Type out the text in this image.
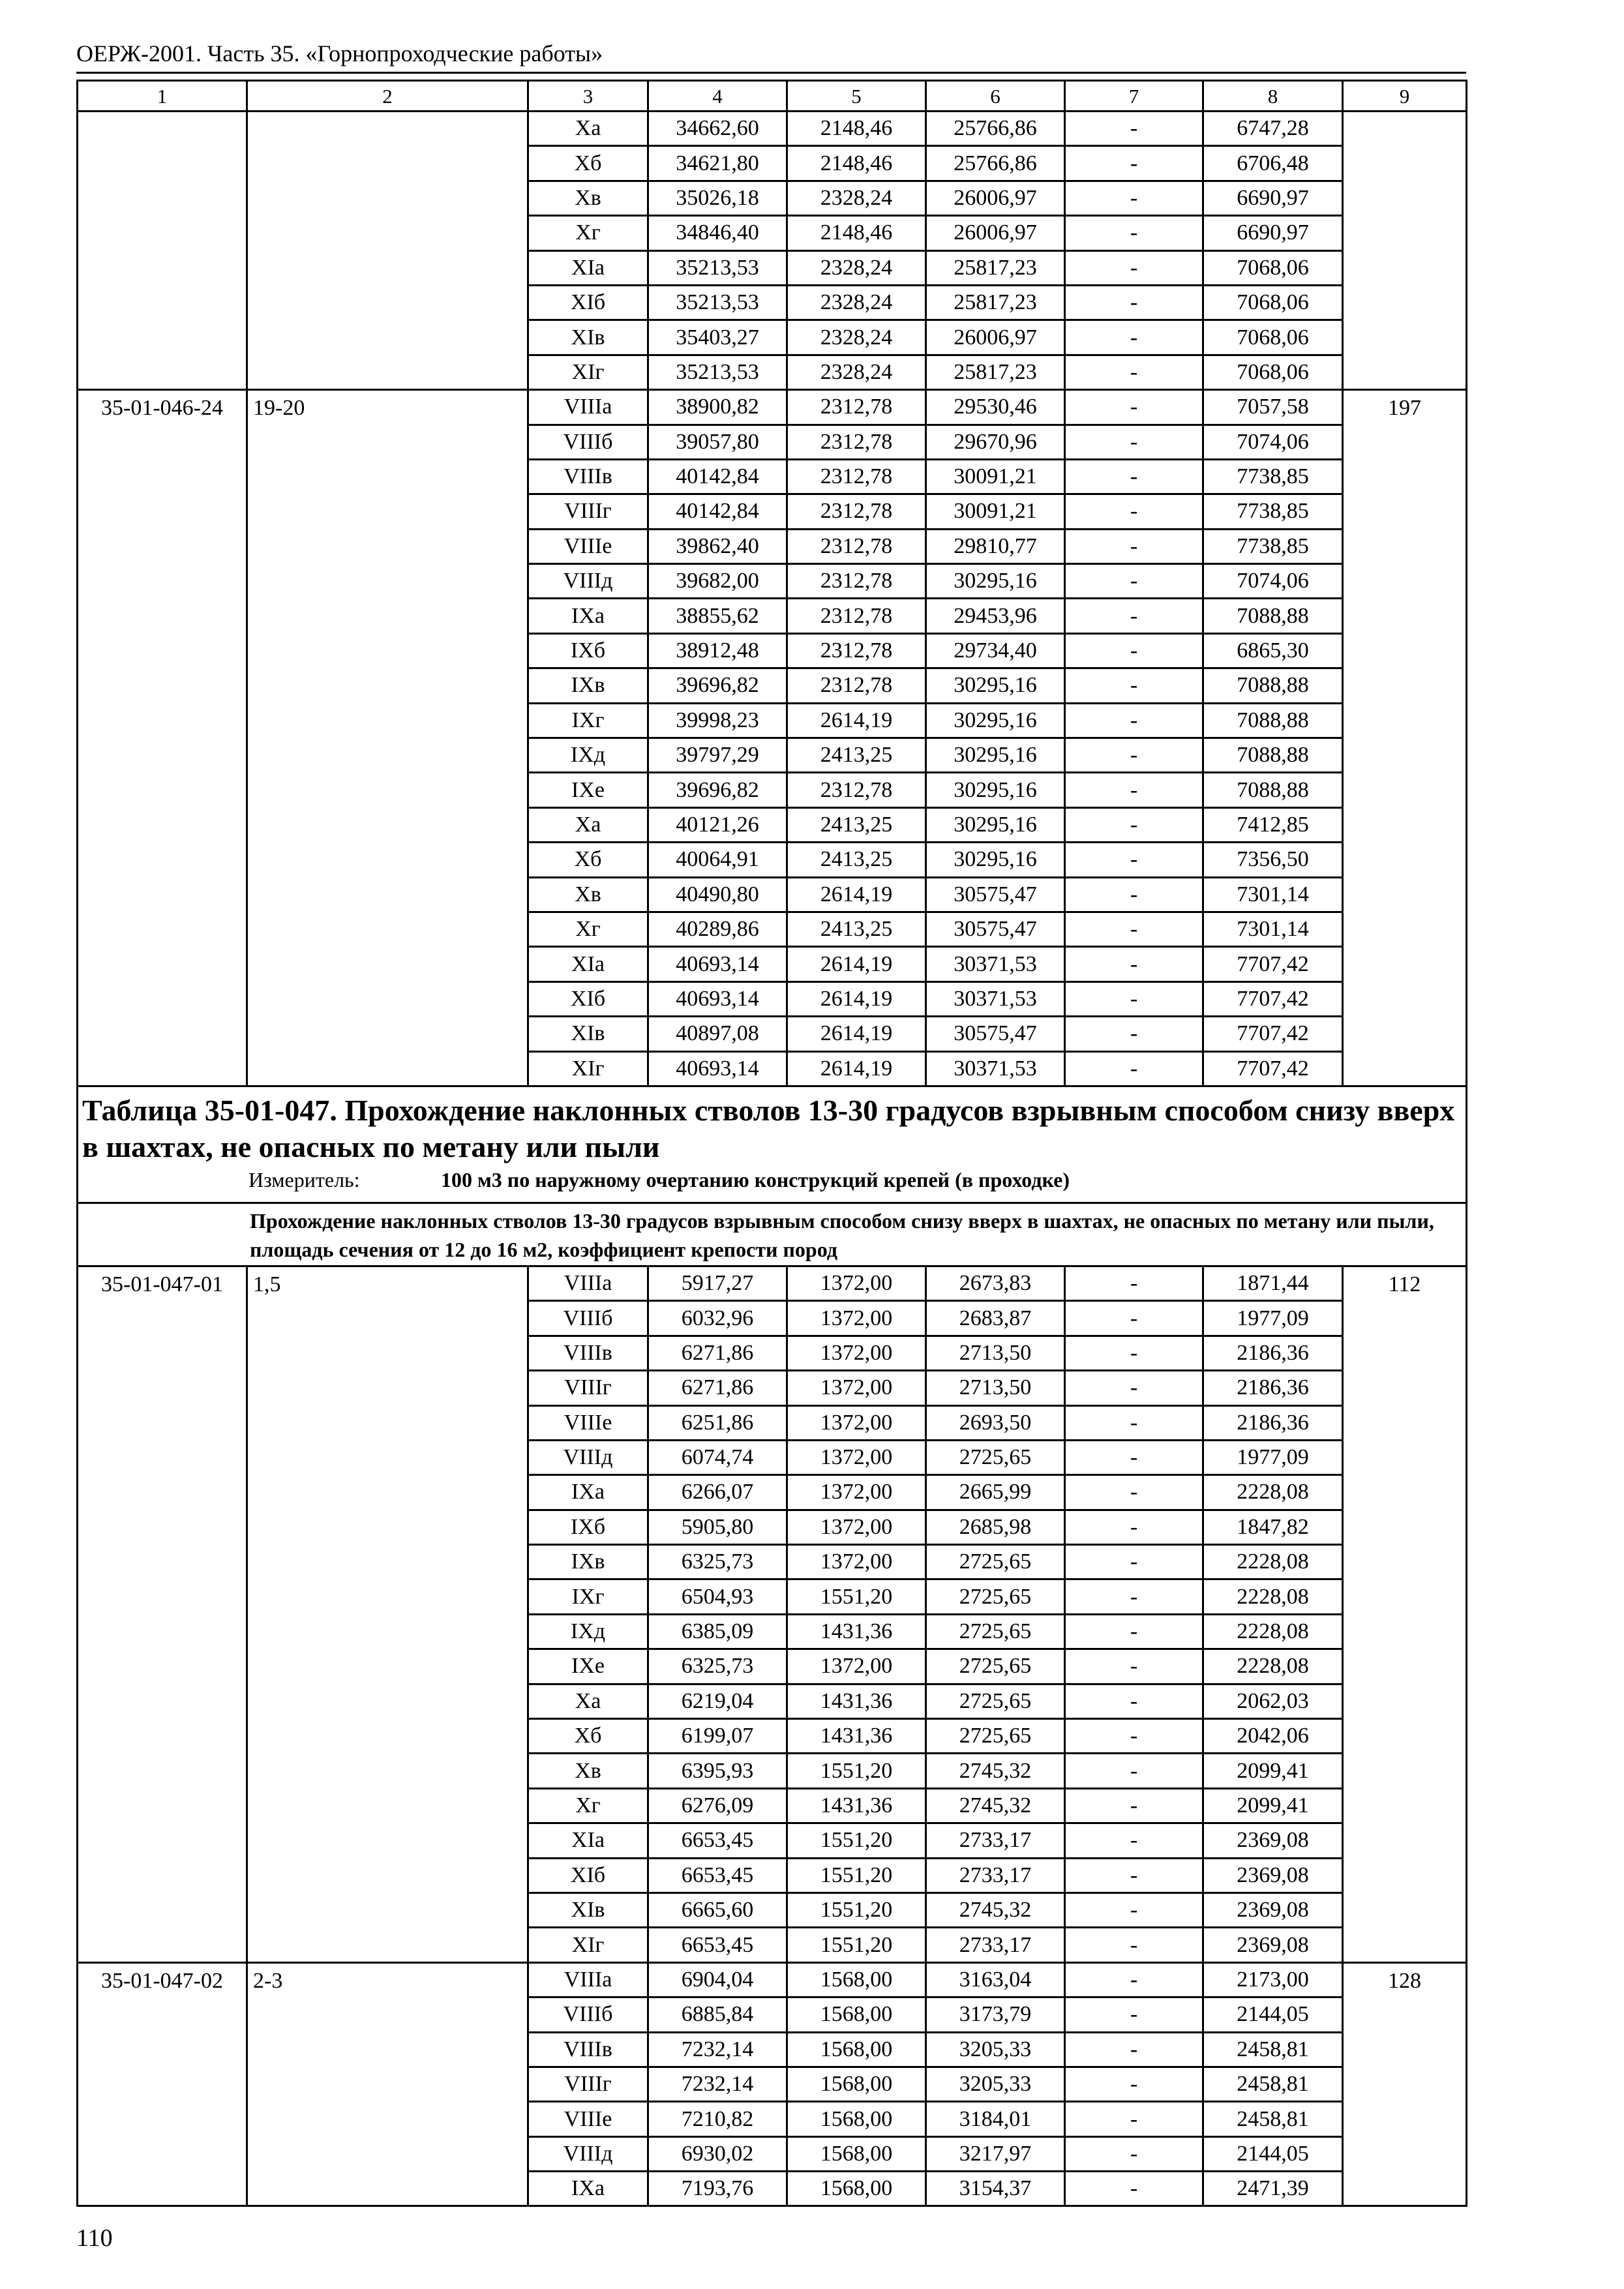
ОЕРЖ-2001. Часть 35. «Горнопроходческие работы»
1	2	3	4	5	6	7	8	9
		Xa	34662,60	2148,46	25766,86	-	6747,28	
		Xб	34621,80	2148,46	25766,86	-	6706,48	
		Xв	35026,18	2328,24	26006,97	-	6690,97	
		Xг	34846,40	2148,46	26006,97	-	6690,97	
		XIa	35213,53	2328,24	25817,23	-	7068,06	
		XIб	35213,53	2328,24	25817,23	-	7068,06	
		XIв	35403,27	2328,24	26006,97	-	7068,06	
		XIг	35213,53	2328,24	25817,23	-	7068,06	
35-01-046-24	19-20	VIIIa	38900,82	2312,78	29530,46	-	7057,58	197
		VIIIб	39057,80	2312,78	29670,96	-	7074,06	
		VIIIв	40142,84	2312,78	30091,21	-	7738,85	
		VIIIг	40142,84	2312,78	30091,21	-	7738,85	
		VIIIe	39862,40	2312,78	29810,77	-	7738,85	
		VIIIд	39682,00	2312,78	30295,16	-	7074,06	
		IXa	38855,62	2312,78	29453,96	-	7088,88	
		IXб	38912,48	2312,78	29734,40	-	6865,30	
		IXв	39696,82	2312,78	30295,16	-	7088,88	
		IXг	39998,23	2614,19	30295,16	-	7088,88	
		IXд	39797,29	2413,25	30295,16	-	7088,88	
		IXe	39696,82	2312,78	30295,16	-	7088,88	
		Xa	40121,26	2413,25	30295,16	-	7412,85	
		Xб	40064,91	2413,25	30295,16	-	7356,50	
		Xв	40490,80	2614,19	30575,47	-	7301,14	
		Xг	40289,86	2413,25	30575,47	-	7301,14	
		XIa	40693,14	2614,19	30371,53	-	7707,42	
		XIб	40693,14	2614,19	30371,53	-	7707,42	
		XIв	40897,08	2614,19	30575,47	-	7707,42	
		XIг	40693,14	2614,19	30371,53	-	7707,42	

Таблица 35-01-047. Прохождение наклонных стволов 13-30 градусов взрывным способом снизу вверх в шахтах, не опасных по метану или пыли
Измеритель: 100 м3 по наружному очертанию конструкций крепей (в проходке)								

Прохождение наклонных стволов 13-30 градусов взрывным способом снизу вверх в шахтах, не опасных по метану или пыли, площадь сечения от 12 до 16 м2, коэффициент крепости пород								
35-01-047-01	1,5	VIIIa	5917,27	1372,00	2673,83	-	1871,44	112
		VIIIб	6032,96	1372,00	2683,87	-	1977,09	
		VIIIв	6271,86	1372,00	2713,50	-	2186,36	
		VIIIг	6271,86	1372,00	2713,50	-	2186,36	
		VIIIe	6251,86	1372,00	2693,50	-	2186,36	
		VIIIд	6074,74	1372,00	2725,65	-	1977,09	
		IXa	6266,07	1372,00	2665,99	-	2228,08	
		IXб	5905,80	1372,00	2685,98	-	1847,82	
		IXв	6325,73	1372,00	2725,65	-	2228,08	
		IXг	6504,93	1551,20	2725,65	-	2228,08	
		IXд	6385,09	1431,36	2725,65	-	2228,08	
		IXe	6325,73	1372,00	2725,65	-	2228,08	
		Xa	6219,04	1431,36	2725,65	-	2062,03	
		Xб	6199,07	1431,36	2725,65	-	2042,06	
		Xв	6395,93	1551,20	2745,32	-	2099,41	
		Xг	6276,09	1431,36	2745,32	-	2099,41	
		XIa	6653,45	1551,20	2733,17	-	2369,08	
		XIб	6653,45	1551,20	2733,17	-	2369,08	
		XIв	6665,60	1551,20	2745,32	-	2369,08	
		XIг	6653,45	1551,20	2733,17	-	2369,08	
35-01-047-02	2-3	VIIIa	6904,04	1568,00	3163,04	-	2173,00	128
		VIIIб	6885,84	1568,00	3173,79	-	2144,05	
		VIIIв	7232,14	1568,00	3205,33	-	2458,81	
		VIIIг	7232,14	1568,00	3205,33	-	2458,81	
		VIIIe	7210,82	1568,00	3184,01	-	2458,81	
		VIIIд	6930,02	1568,00	3217,97	-	2144,05	
		IXa	7193,76	1568,00	3154,37	-	2471,39	
110
